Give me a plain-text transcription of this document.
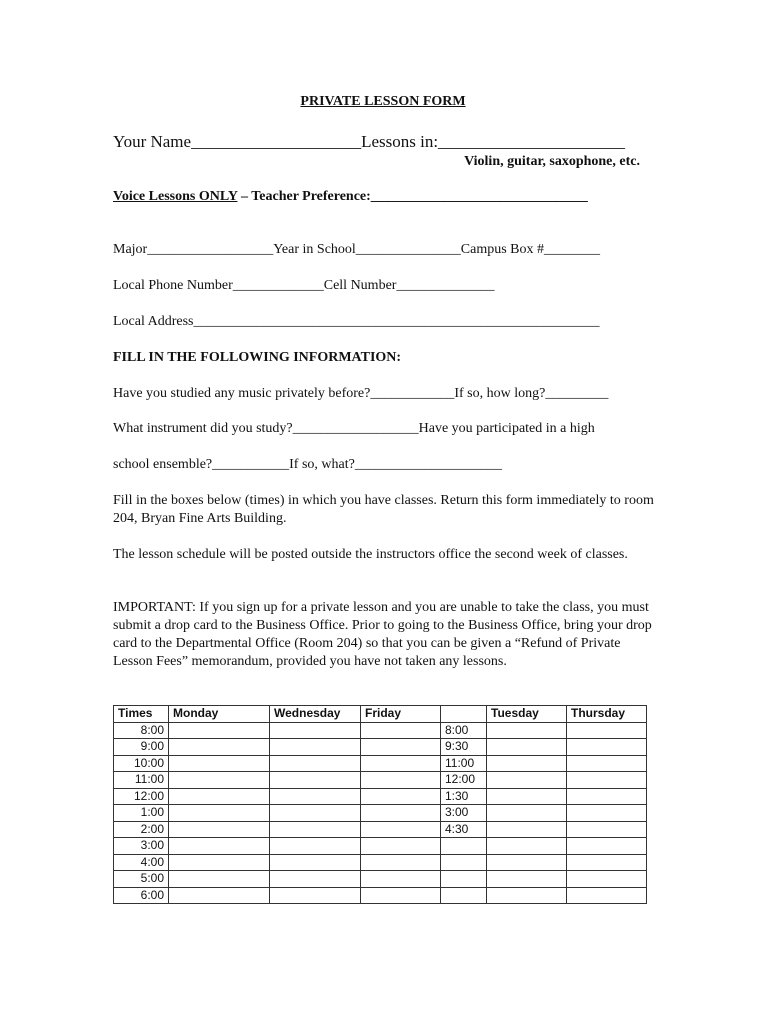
PRIVATE LESSON FORM
Your Name____________________Lessons in:______________________
Violin, guitar, saxophone, etc.
Voice Lessons ONLY – Teacher Preference:_______________________________
Major__________________Year in School_______________Campus Box #________
Local Phone Number_____________Cell Number______________
Local Address__________________________________________________________
FILL IN THE FOLLOWING INFORMATION:
Have you studied any music privately before?____________If so, how long?_________
What instrument did you study?__________________Have you participated in a high
school ensemble?___________If so, what?_____________________
Fill in the boxes below (times) in which you have classes. Return this form immediately to room 204, Bryan Fine Arts Building.
The lesson schedule will be posted outside the instructors office the second week of classes.
IMPORTANT: If you sign up for a private lesson and you are unable to take the class, you must submit a drop card to the Business Office. Prior to going to the Business Office, bring your drop card to the Departmental Office (Room 204) so that you can be given a “Refund of Private Lesson Fees” memorandum, provided you have not taken any lessons.
Times	Monday	Wednesday	Friday		Tuesday	Thursday
8:00				8:00		
9:00				9:30		
10:00				11:00		
11:00				12:00		
12:00				1:30		
1:00				3:00		
2:00				4:30		
3:00						
4:00						
5:00						
6:00						
